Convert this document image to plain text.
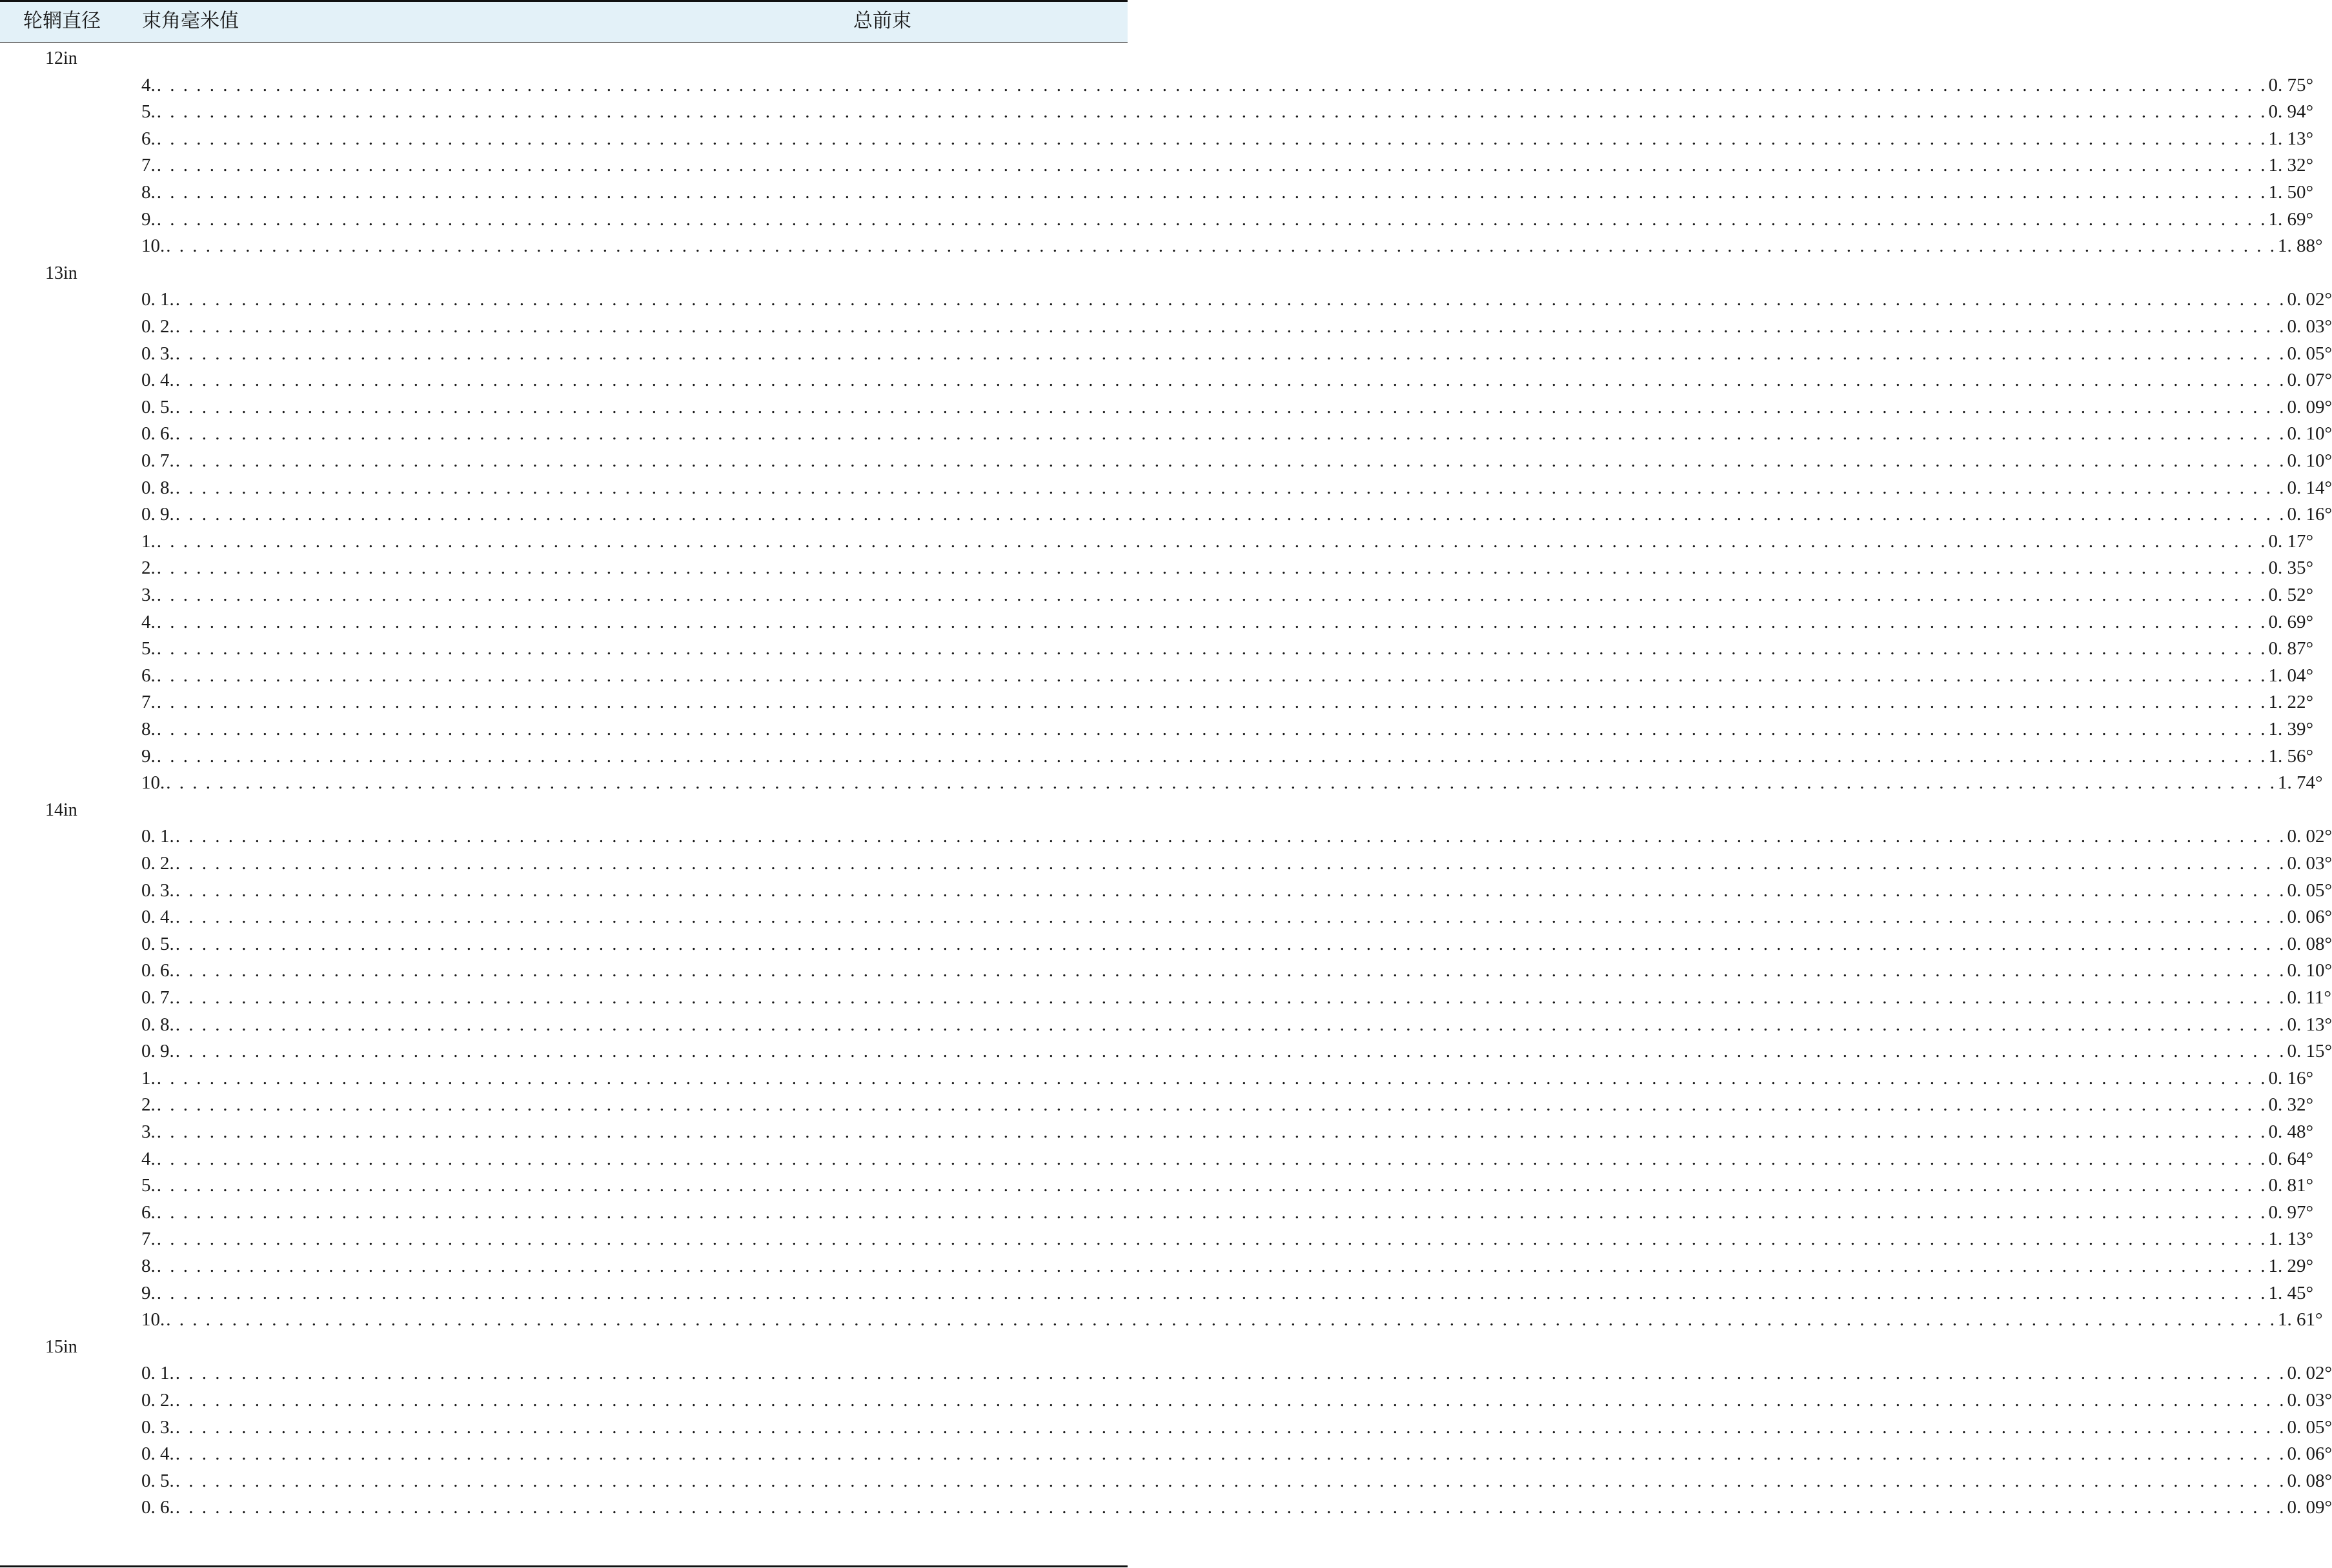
轮辋直径 束角毫米值	总前束
12in
4. . . . . . . . . . . . . . . . . . . . . . . . . . . . . . . . . . . . . . . . . . . . . . . . . . . . . . . . . . . . . . . . . . . . . . . . . . . . . . . . . . . . . . . . . . . . . . . . . . . . . . . . . . . . . . . . . . . . . . . . . . . . . . . . . . . . . . . . . . . . . . . . . . . . . . . . . . . . . . . . . 0. 75°
5. . . . . . . . . . . . . . . . . . . . . . . . . . . . . . . . . . . . . . . . . . . . . . . . . . . . . . . . . . . . . . . . . . . . . . . . . . . . . . . . . . . . . . . . . . . . . . . . . . . . . . . . . . . . . . . . . . . . . . . . . . . . . . . . . . . . . . . . . . . . . . . . . . . . . . . . . . . . . . . . . 0. 94°
6. . . . . . . . . . . . . . . . . . . . . . . . . . . . . . . . . . . . . . . . . . . . . . . . . . . . . . . . . . . . . . . . . . . . . . . . . . . . . . . . . . . . . . . . . . . . . . . . . . . . . . . . . . . . . . . . . . . . . . . . . . . . . . . . . . . . . . . . . . . . . . . . . . . . . . . . . . . . . . . . . 1. 13°
7. . . . . . . . . . . . . . . . . . . . . . . . . . . . . . . . . . . . . . . . . . . . . . . . . . . . . . . . . . . . . . . . . . . . . . . . . . . . . . . . . . . . . . . . . . . . . . . . . . . . . . . . . . . . . . . . . . . . . . . . . . . . . . . . . . . . . . . . . . . . . . . . . . . . . . . . . . . . . . . . . 1. 32°
8. . . . . . . . . . . . . . . . . . . . . . . . . . . . . . . . . . . . . . . . . . . . . . . . . . . . . . . . . . . . . . . . . . . . . . . . . . . . . . . . . . . . . . . . . . . . . . . . . . . . . . . . . . . . . . . . . . . . . . . . . . . . . . . . . . . . . . . . . . . . . . . . . . . . . . . . . . . . . . . . . 1. 50°
9. . . . . . . . . . . . . . . . . . . . . . . . . . . . . . . . . . . . . . . . . . . . . . . . . . . . . . . . . . . . . . . . . . . . . . . . . . . . . . . . . . . . . . . . . . . . . . . . . . . . . . . . . . . . . . . . . . . . . . . . . . . . . . . . . . . . . . . . . . . . . . . . . . . . . . . . . . . . . . . . . 1. 69°
10. . . . . . . . . . . . . . . . . . . . . . . . . . . . . . . . . . . . . . . . . . . . . . . . . . . . . . . . . . . . . . . . . . . . . . . . . . . . . . . . . . . . . . . . . . . . . . . . . . . . . . . . . . . . . . . . . . . . . . . . . . . . . . . . . . . . . . . . . . . . . . . . . . . . . . . . . . . . . . . . . 1. 88°
13in
0. 1. . . . . . . . . . . . . . . . . . . . . . . . . . . . . . . . . . . . . . . . . . . . . . . . . . . . . . . . . . . . . . . . . . . . . . . . . . . . . . . . . . . . . . . . . . . . . . . . . . . . . . . . . . . . . . . . . . . . . . . . . . . . . . . . . . . . . . . . . . . . . . . . . . . . . . . . . . . . . . . . . 0. 02°
0. 2. . . . . . . . . . . . . . . . . . . . . . . . . . . . . . . . . . . . . . . . . . . . . . . . . . . . . . . . . . . . . . . . . . . . . . . . . . . . . . . . . . . . . . . . . . . . . . . . . . . . . . . . . . . . . . . . . . . . . . . . . . . . . . . . . . . . . . . . . . . . . . . . . . . . . . . . . . . . . . . . . 0. 03°
0. 3. . . . . . . . . . . . . . . . . . . . . . . . . . . . . . . . . . . . . . . . . . . . . . . . . . . . . . . . . . . . . . . . . . . . . . . . . . . . . . . . . . . . . . . . . . . . . . . . . . . . . . . . . . . . . . . . . . . . . . . . . . . . . . . . . . . . . . . . . . . . . . . . . . . . . . . . . . . . . . . . . 0. 05°
0. 4. . . . . . . . . . . . . . . . . . . . . . . . . . . . . . . . . . . . . . . . . . . . . . . . . . . . . . . . . . . . . . . . . . . . . . . . . . . . . . . . . . . . . . . . . . . . . . . . . . . . . . . . . . . . . . . . . . . . . . . . . . . . . . . . . . . . . . . . . . . . . . . . . . . . . . . . . . . . . . . . . 0. 07°
0. 5. . . . . . . . . . . . . . . . . . . . . . . . . . . . . . . . . . . . . . . . . . . . . . . . . . . . . . . . . . . . . . . . . . . . . . . . . . . . . . . . . . . . . . . . . . . . . . . . . . . . . . . . . . . . . . . . . . . . . . . . . . . . . . . . . . . . . . . . . . . . . . . . . . . . . . . . . . . . . . . . . 0. 09°
0. 6. . . . . . . . . . . . . . . . . . . . . . . . . . . . . . . . . . . . . . . . . . . . . . . . . . . . . . . . . . . . . . . . . . . . . . . . . . . . . . . . . . . . . . . . . . . . . . . . . . . . . . . . . . . . . . . . . . . . . . . . . . . . . . . . . . . . . . . . . . . . . . . . . . . . . . . . . . . . . . . . . 0. 10°
0. 7. . . . . . . . . . . . . . . . . . . . . . . . . . . . . . . . . . . . . . . . . . . . . . . . . . . . . . . . . . . . . . . . . . . . . . . . . . . . . . . . . . . . . . . . . . . . . . . . . . . . . . . . . . . . . . . . . . . . . . . . . . . . . . . . . . . . . . . . . . . . . . . . . . . . . . . . . . . . . . . . . 0. 10°
0. 8. . . . . . . . . . . . . . . . . . . . . . . . . . . . . . . . . . . . . . . . . . . . . . . . . . . . . . . . . . . . . . . . . . . . . . . . . . . . . . . . . . . . . . . . . . . . . . . . . . . . . . . . . . . . . . . . . . . . . . . . . . . . . . . . . . . . . . . . . . . . . . . . . . . . . . . . . . . . . . . . . 0. 14°
0. 9. . . . . . . . . . . . . . . . . . . . . . . . . . . . . . . . . . . . . . . . . . . . . . . . . . . . . . . . . . . . . . . . . . . . . . . . . . . . . . . . . . . . . . . . . . . . . . . . . . . . . . . . . . . . . . . . . . . . . . . . . . . . . . . . . . . . . . . . . . . . . . . . . . . . . . . . . . . . . . . . . 0. 16°
1. . . . . . . . . . . . . . . . . . . . . . . . . . . . . . . . . . . . . . . . . . . . . . . . . . . . . . . . . . . . . . . . . . . . . . . . . . . . . . . . . . . . . . . . . . . . . . . . . . . . . . . . . . . . . . . . . . . . . . . . . . . . . . . . . . . . . . . . . . . . . . . . . . . . . . . . . . . . . . . . . 0. 17°
2. . . . . . . . . . . . . . . . . . . . . . . . . . . . . . . . . . . . . . . . . . . . . . . . . . . . . . . . . . . . . . . . . . . . . . . . . . . . . . . . . . . . . . . . . . . . . . . . . . . . . . . . . . . . . . . . . . . . . . . . . . . . . . . . . . . . . . . . . . . . . . . . . . . . . . . . . . . . . . . . . 0. 35°
3. . . . . . . . . . . . . . . . . . . . . . . . . . . . . . . . . . . . . . . . . . . . . . . . . . . . . . . . . . . . . . . . . . . . . . . . . . . . . . . . . . . . . . . . . . . . . . . . . . . . . . . . . . . . . . . . . . . . . . . . . . . . . . . . . . . . . . . . . . . . . . . . . . . . . . . . . . . . . . . . . 0. 52°
4. . . . . . . . . . . . . . . . . . . . . . . . . . . . . . . . . . . . . . . . . . . . . . . . . . . . . . . . . . . . . . . . . . . . . . . . . . . . . . . . . . . . . . . . . . . . . . . . . . . . . . . . . . . . . . . . . . . . . . . . . . . . . . . . . . . . . . . . . . . . . . . . . . . . . . . . . . . . . . . . . 0. 69°
5. . . . . . . . . . . . . . . . . . . . . . . . . . . . . . . . . . . . . . . . . . . . . . . . . . . . . . . . . . . . . . . . . . . . . . . . . . . . . . . . . . . . . . . . . . . . . . . . . . . . . . . . . . . . . . . . . . . . . . . . . . . . . . . . . . . . . . . . . . . . . . . . . . . . . . . . . . . . . . . . . 0. 87°
6. . . . . . . . . . . . . . . . . . . . . . . . . . . . . . . . . . . . . . . . . . . . . . . . . . . . . . . . . . . . . . . . . . . . . . . . . . . . . . . . . . . . . . . . . . . . . . . . . . . . . . . . . . . . . . . . . . . . . . . . . . . . . . . . . . . . . . . . . . . . . . . . . . . . . . . . . . . . . . . . . 1. 04°
7. . . . . . . . . . . . . . . . . . . . . . . . . . . . . . . . . . . . . . . . . . . . . . . . . . . . . . . . . . . . . . . . . . . . . . . . . . . . . . . . . . . . . . . . . . . . . . . . . . . . . . . . . . . . . . . . . . . . . . . . . . . . . . . . . . . . . . . . . . . . . . . . . . . . . . . . . . . . . . . . . 1. 22°
8. . . . . . . . . . . . . . . . . . . . . . . . . . . . . . . . . . . . . . . . . . . . . . . . . . . . . . . . . . . . . . . . . . . . . . . . . . . . . . . . . . . . . . . . . . . . . . . . . . . . . . . . . . . . . . . . . . . . . . . . . . . . . . . . . . . . . . . . . . . . . . . . . . . . . . . . . . . . . . . . . 1. 39°
9. . . . . . . . . . . . . . . . . . . . . . . . . . . . . . . . . . . . . . . . . . . . . . . . . . . . . . . . . . . . . . . . . . . . . . . . . . . . . . . . . . . . . . . . . . . . . . . . . . . . . . . . . . . . . . . . . . . . . . . . . . . . . . . . . . . . . . . . . . . . . . . . . . . . . . . . . . . . . . . . . 1. 56°
10. . . . . . . . . . . . . . . . . . . . . . . . . . . . . . . . . . . . . . . . . . . . . . . . . . . . . . . . . . . . . . . . . . . . . . . . . . . . . . . . . . . . . . . . . . . . . . . . . . . . . . . . . . . . . . . . . . . . . . . . . . . . . . . . . . . . . . . . . . . . . . . . . . . . . . . . . . . . . . . . . 1. 74°
14in
0. 1. . . . . . . . . . . . . . . . . . . . . . . . . . . . . . . . . . . . . . . . . . . . . . . . . . . . . . . . . . . . . . . . . . . . . . . . . . . . . . . . . . . . . . . . . . . . . . . . . . . . . . . . . . . . . . . . . . . . . . . . . . . . . . . . . . . . . . . . . . . . . . . . . . . . . . . . . . . . . . . . . 0. 02°
0. 2. . . . . . . . . . . . . . . . . . . . . . . . . . . . . . . . . . . . . . . . . . . . . . . . . . . . . . . . . . . . . . . . . . . . . . . . . . . . . . . . . . . . . . . . . . . . . . . . . . . . . . . . . . . . . . . . . . . . . . . . . . . . . . . . . . . . . . . . . . . . . . . . . . . . . . . . . . . . . . . . . 0. 03°
0. 3. . . . . . . . . . . . . . . . . . . . . . . . . . . . . . . . . . . . . . . . . . . . . . . . . . . . . . . . . . . . . . . . . . . . . . . . . . . . . . . . . . . . . . . . . . . . . . . . . . . . . . . . . . . . . . . . . . . . . . . . . . . . . . . . . . . . . . . . . . . . . . . . . . . . . . . . . . . . . . . . . 0. 05°
0. 4. . . . . . . . . . . . . . . . . . . . . . . . . . . . . . . . . . . . . . . . . . . . . . . . . . . . . . . . . . . . . . . . . . . . . . . . . . . . . . . . . . . . . . . . . . . . . . . . . . . . . . . . . . . . . . . . . . . . . . . . . . . . . . . . . . . . . . . . . . . . . . . . . . . . . . . . . . . . . . . . . 0. 06°
0. 5. . . . . . . . . . . . . . . . . . . . . . . . . . . . . . . . . . . . . . . . . . . . . . . . . . . . . . . . . . . . . . . . . . . . . . . . . . . . . . . . . . . . . . . . . . . . . . . . . . . . . . . . . . . . . . . . . . . . . . . . . . . . . . . . . . . . . . . . . . . . . . . . . . . . . . . . . . . . . . . . . 0. 08°
0. 6. . . . . . . . . . . . . . . . . . . . . . . . . . . . . . . . . . . . . . . . . . . . . . . . . . . . . . . . . . . . . . . . . . . . . . . . . . . . . . . . . . . . . . . . . . . . . . . . . . . . . . . . . . . . . . . . . . . . . . . . . . . . . . . . . . . . . . . . . . . . . . . . . . . . . . . . . . . . . . . . . 0. 10°
0. 7. . . . . . . . . . . . . . . . . . . . . . . . . . . . . . . . . . . . . . . . . . . . . . . . . . . . . . . . . . . . . . . . . . . . . . . . . . . . . . . . . . . . . . . . . . . . . . . . . . . . . . . . . . . . . . . . . . . . . . . . . . . . . . . . . . . . . . . . . . . . . . . . . . . . . . . . . . . . . . . . . 0. 11°
0. 8. . . . . . . . . . . . . . . . . . . . . . . . . . . . . . . . . . . . . . . . . . . . . . . . . . . . . . . . . . . . . . . . . . . . . . . . . . . . . . . . . . . . . . . . . . . . . . . . . . . . . . . . . . . . . . . . . . . . . . . . . . . . . . . . . . . . . . . . . . . . . . . . . . . . . . . . . . . . . . . . . 0. 13°
0. 9. . . . . . . . . . . . . . . . . . . . . . . . . . . . . . . . . . . . . . . . . . . . . . . . . . . . . . . . . . . . . . . . . . . . . . . . . . . . . . . . . . . . . . . . . . . . . . . . . . . . . . . . . . . . . . . . . . . . . . . . . . . . . . . . . . . . . . . . . . . . . . . . . . . . . . . . . . . . . . . . . 0. 15°
1. . . . . . . . . . . . . . . . . . . . . . . . . . . . . . . . . . . . . . . . . . . . . . . . . . . . . . . . . . . . . . . . . . . . . . . . . . . . . . . . . . . . . . . . . . . . . . . . . . . . . . . . . . . . . . . . . . . . . . . . . . . . . . . . . . . . . . . . . . . . . . . . . . . . . . . . . . . . . . . . . 0. 16°
2. . . . . . . . . . . . . . . . . . . . . . . . . . . . . . . . . . . . . . . . . . . . . . . . . . . . . . . . . . . . . . . . . . . . . . . . . . . . . . . . . . . . . . . . . . . . . . . . . . . . . . . . . . . . . . . . . . . . . . . . . . . . . . . . . . . . . . . . . . . . . . . . . . . . . . . . . . . . . . . . . 0. 32°
3. . . . . . . . . . . . . . . . . . . . . . . . . . . . . . . . . . . . . . . . . . . . . . . . . . . . . . . . . . . . . . . . . . . . . . . . . . . . . . . . . . . . . . . . . . . . . . . . . . . . . . . . . . . . . . . . . . . . . . . . . . . . . . . . . . . . . . . . . . . . . . . . . . . . . . . . . . . . . . . . . 0. 48°
4. . . . . . . . . . . . . . . . . . . . . . . . . . . . . . . . . . . . . . . . . . . . . . . . . . . . . . . . . . . . . . . . . . . . . . . . . . . . . . . . . . . . . . . . . . . . . . . . . . . . . . . . . . . . . . . . . . . . . . . . . . . . . . . . . . . . . . . . . . . . . . . . . . . . . . . . . . . . . . . . . 0. 64°
5. . . . . . . . . . . . . . . . . . . . . . . . . . . . . . . . . . . . . . . . . . . . . . . . . . . . . . . . . . . . . . . . . . . . . . . . . . . . . . . . . . . . . . . . . . . . . . . . . . . . . . . . . . . . . . . . . . . . . . . . . . . . . . . . . . . . . . . . . . . . . . . . . . . . . . . . . . . . . . . . . 0. 81°
6. . . . . . . . . . . . . . . . . . . . . . . . . . . . . . . . . . . . . . . . . . . . . . . . . . . . . . . . . . . . . . . . . . . . . . . . . . . . . . . . . . . . . . . . . . . . . . . . . . . . . . . . . . . . . . . . . . . . . . . . . . . . . . . . . . . . . . . . . . . . . . . . . . . . . . . . . . . . . . . . . 0. 97°
7. . . . . . . . . . . . . . . . . . . . . . . . . . . . . . . . . . . . . . . . . . . . . . . . . . . . . . . . . . . . . . . . . . . . . . . . . . . . . . . . . . . . . . . . . . . . . . . . . . . . . . . . . . . . . . . . . . . . . . . . . . . . . . . . . . . . . . . . . . . . . . . . . . . . . . . . . . . . . . . . . 1. 13°
8. . . . . . . . . . . . . . . . . . . . . . . . . . . . . . . . . . . . . . . . . . . . . . . . . . . . . . . . . . . . . . . . . . . . . . . . . . . . . . . . . . . . . . . . . . . . . . . . . . . . . . . . . . . . . . . . . . . . . . . . . . . . . . . . . . . . . . . . . . . . . . . . . . . . . . . . . . . . . . . . . 1. 29°
9. . . . . . . . . . . . . . . . . . . . . . . . . . . . . . . . . . . . . . . . . . . . . . . . . . . . . . . . . . . . . . . . . . . . . . . . . . . . . . . . . . . . . . . . . . . . . . . . . . . . . . . . . . . . . . . . . . . . . . . . . . . . . . . . . . . . . . . . . . . . . . . . . . . . . . . . . . . . . . . . . 1. 45°
10. . . . . . . . . . . . . . . . . . . . . . . . . . . . . . . . . . . . . . . . . . . . . . . . . . . . . . . . . . . . . . . . . . . . . . . . . . . . . . . . . . . . . . . . . . . . . . . . . . . . . . . . . . . . . . . . . . . . . . . . . . . . . . . . . . . . . . . . . . . . . . . . . . . . . . . . . . . . . . . . . 1. 61°
15in
0. 1. . . . . . . . . . . . . . . . . . . . . . . . . . . . . . . . . . . . . . . . . . . . . . . . . . . . . . . . . . . . . . . . . . . . . . . . . . . . . . . . . . . . . . . . . . . . . . . . . . . . . . . . . . . . . . . . . . . . . . . . . . . . . . . . . . . . . . . . . . . . . . . . . . . . . . . . . . . . . . . . . 0. 02°
0. 2. . . . . . . . . . . . . . . . . . . . . . . . . . . . . . . . . . . . . . . . . . . . . . . . . . . . . . . . . . . . . . . . . . . . . . . . . . . . . . . . . . . . . . . . . . . . . . . . . . . . . . . . . . . . . . . . . . . . . . . . . . . . . . . . . . . . . . . . . . . . . . . . . . . . . . . . . . . . . . . . . 0. 03°
0. 3. . . . . . . . . . . . . . . . . . . . . . . . . . . . . . . . . . . . . . . . . . . . . . . . . . . . . . . . . . . . . . . . . . . . . . . . . . . . . . . . . . . . . . . . . . . . . . . . . . . . . . . . . . . . . . . . . . . . . . . . . . . . . . . . . . . . . . . . . . . . . . . . . . . . . . . . . . . . . . . . . 0. 05°
0. 4. . . . . . . . . . . . . . . . . . . . . . . . . . . . . . . . . . . . . . . . . . . . . . . . . . . . . . . . . . . . . . . . . . . . . . . . . . . . . . . . . . . . . . . . . . . . . . . . . . . . . . . . . . . . . . . . . . . . . . . . . . . . . . . . . . . . . . . . . . . . . . . . . . . . . . . . . . . . . . . . . 0. 06°
0. 5. . . . . . . . . . . . . . . . . . . . . . . . . . . . . . . . . . . . . . . . . . . . . . . . . . . . . . . . . . . . . . . . . . . . . . . . . . . . . . . . . . . . . . . . . . . . . . . . . . . . . . . . . . . . . . . . . . . . . . . . . . . . . . . . . . . . . . . . . . . . . . . . . . . . . . . . . . . . . . . . . 0. 08°
0. 6. . . . . . . . . . . . . . . . . . . . . . . . . . . . . . . . . . . . . . . . . . . . . . . . . . . . . . . . . . . . . . . . . . . . . . . . . . . . . . . . . . . . . . . . . . . . . . . . . . . . . . . . . . . . . . . . . . . . . . . . . . . . . . . . . . . . . . . . . . . . . . . . . . . . . . . . . . . . . . . . . 0. 09°
